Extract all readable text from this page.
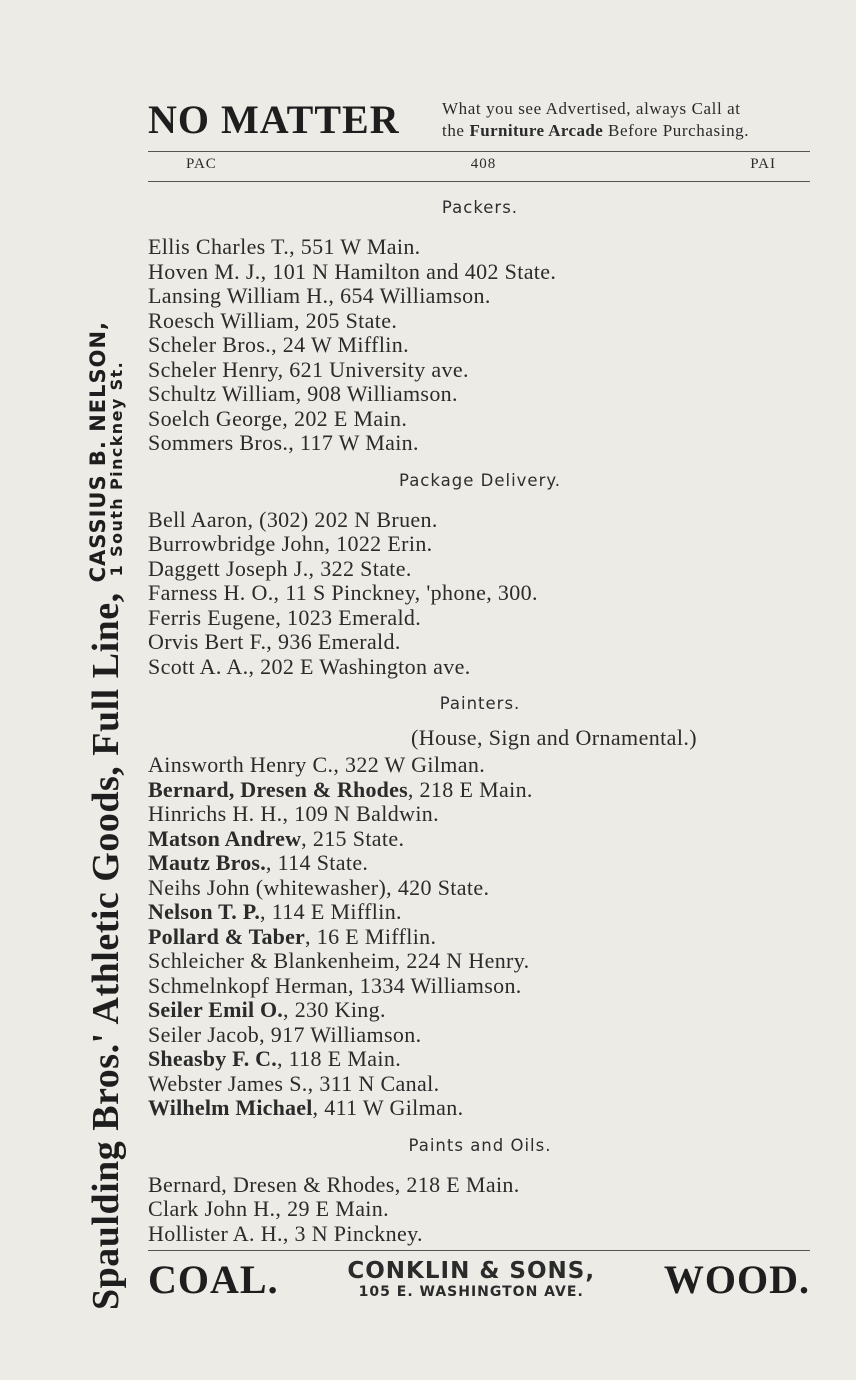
Spaulding Bros.' Athletic Goods, Full Line,
CASSIUS B. NELSON,
1 South Pinckney St.
NO MATTER What you see Advertised, always Call at
the Furniture Arcade Before Purchasing.
PAC	408	PAI
Packers.
Ellis Charles T., 551 W Main.
Hoven M. J., 101 N Hamilton and 402 State.
Lansing William H., 654 Williamson.
Roesch William, 205 State.
Scheler Bros., 24 W Mifflin.
Scheler Henry, 621 University ave.
Schultz William, 908 Williamson.
Soelch George, 202 E Main.
Sommers Bros., 117 W Main.
Package Delivery.
Bell Aaron, (302) 202 N Bruen.
Burrowbridge John, 1022 Erin.
Daggett Joseph J., 322 State.
Farness H. O., 11 S Pinckney, 'phone, 300.
Ferris Eugene, 1023 Emerald.
Orvis Bert F., 936 Emerald.
Scott A. A., 202 E Washington ave.
Painters.
(House, Sign and Ornamental.)
Ainsworth Henry C., 322 W Gilman.
Bernard, Dresen & Rhodes, 218 E Main.
Hinrichs H. H., 109 N Baldwin.
Matson Andrew, 215 State.
Mautz Bros., 114 State.
Neihs John (whitewasher), 420 State.
Nelson T. P., 114 E Mifflin.
Pollard & Taber, 16 E Mifflin.
Schleicher & Blankenheim, 224 N Henry.
Schmelnkopf Herman, 1334 Williamson.
Seiler Emil O., 230 King.
Seiler Jacob, 917 Williamson.
Sheasby F. C., 118 E Main.
Webster James S., 311 N Canal.
Wilhelm Michael, 411 W Gilman.
Paints and Oils.
Bernard, Dresen & Rhodes, 218 E Main.
Clark John H., 29 E Main.
Hollister A. H., 3 N Pinckney.
COAL.	CONKLIN & SONS,
105 E. WASHINGTON AVE. WOOD.
